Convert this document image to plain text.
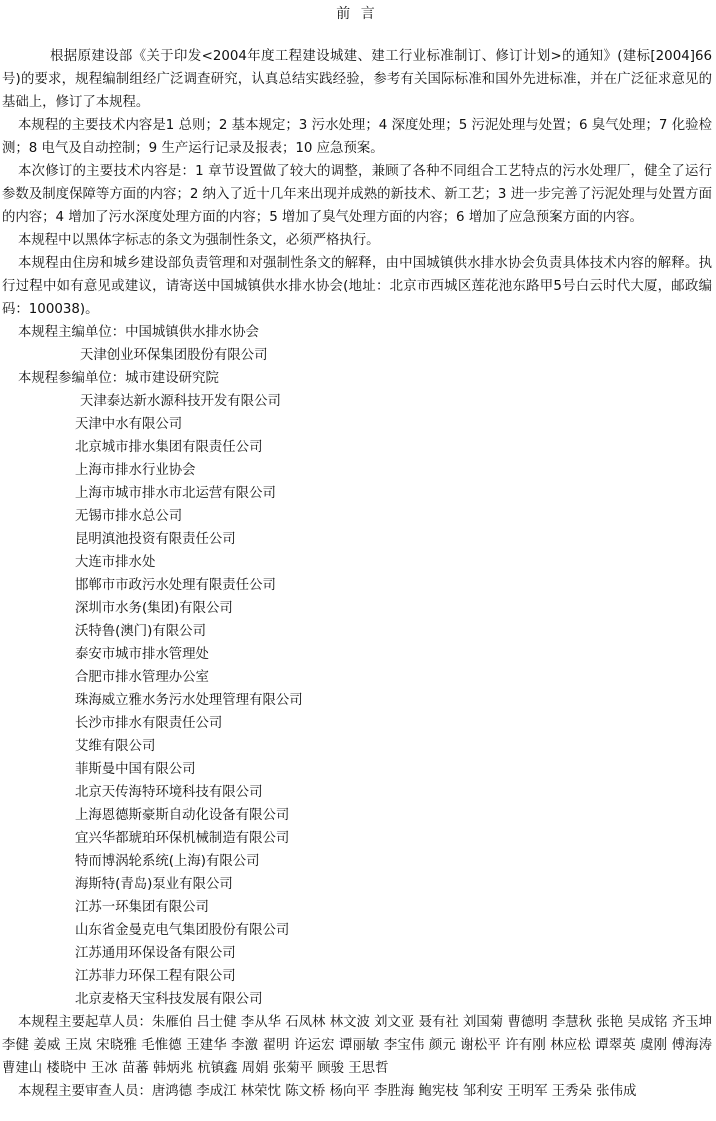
前 言

根据原建设部《关于印发<2004年度工程建设城建、建工行业标准制订、修订计划>的通知》(建标[2004]66号)的要求，规程编制组经广泛调查研究，认真总结实践经验，参考有关国际标准和国外先进标准，并在广泛征求意见的基础上，修订了本规程。

本规程的主要技术内容是1 总则；2 基本规定；3 污水处理；4 深度处理；5 污泥处理与处置；6 臭气处理；7 化验检测；8 电气及自动控制；9 生产运行记录及报表；10 应急预案。

本次修订的主要技术内容是：1 章节设置做了较大的调整，兼顾了各种不同组合工艺特点的污水处理厂，健全了运行参数及制度保障等方面的内容；2 纳入了近十几年来出现并成熟的新技术、新工艺；3 进一步完善了污泥处理与处置方面的内容；4 增加了污水深度处理方面的内容；5 增加了臭气处理方面的内容；6 增加了应急预案方面的内容。

本规程中以黑体字标志的条文为强制性条文，必须严格执行。

本规程由住房和城乡建设部负责管理和对强制性条文的解释，由中国城镇供水排水协会负责具体技术内容的解释。执行过程中如有意见或建议，请寄送中国城镇供水排水协会(地址：北京市西城区莲花池东路甲5号白云时代大厦，邮政编码：100038)。

本规程主编单位：中国城镇供水排水协会

天津创业环保集团股份有限公司

本规程参编单位：城市建设研究院

天津泰达新水源科技开发有限公司

天津中水有限公司
北京城市排水集团有限责任公司
上海市排水行业协会
上海市城市排水市北运营有限公司
无锡市排水总公司
昆明滇池投资有限责任公司
大连市排水处
邯郸市市政污水处理有限责任公司
深圳市水务(集团)有限公司
沃特鲁(澳门)有限公司
泰安市城市排水管理处
合肥市排水管理办公室
珠海威立雅水务污水处理管理有限公司
长沙市排水有限责任公司
艾维有限公司
菲斯曼中国有限公司
北京天传海特环境科技有限公司
上海恩德斯豪斯自动化设备有限公司
宜兴华都琥珀环保机械制造有限公司
特而博涡轮系统(上海)有限公司
海斯特(青岛)泵业有限公司
江苏一环集团有限公司
山东省金曼克电气集团股份有限公司
江苏通用环保设备有限公司
江苏菲力环保工程有限公司
北京麦格天宝科技发展有限公司

本规程主要起草人员：朱雁伯 吕士健 李从华 石凤林 林文波 刘文亚 聂有社 刘国菊 曹德明 李慧秋 张艳 吴成铭 齐玉坤 李健 姜威 王岚 宋晓雅 毛惟德 王建华 李激 翟明 许运宏 谭丽敏 李宝伟 颜元 谢松平 许有刚 林应松 谭翠英 虞刚 傅海涛 曹建山 楼晓中 王冰 苗蕃 韩炳兆 杭镇鑫 周娟 张菊平 顾骏 王思哲

本规程主要审查人员：唐鸿德 李成江 林荣忱 陈文桥 杨向平 李胜海 鲍宪枝 邹利安 王明军 王秀朵 张伟成
